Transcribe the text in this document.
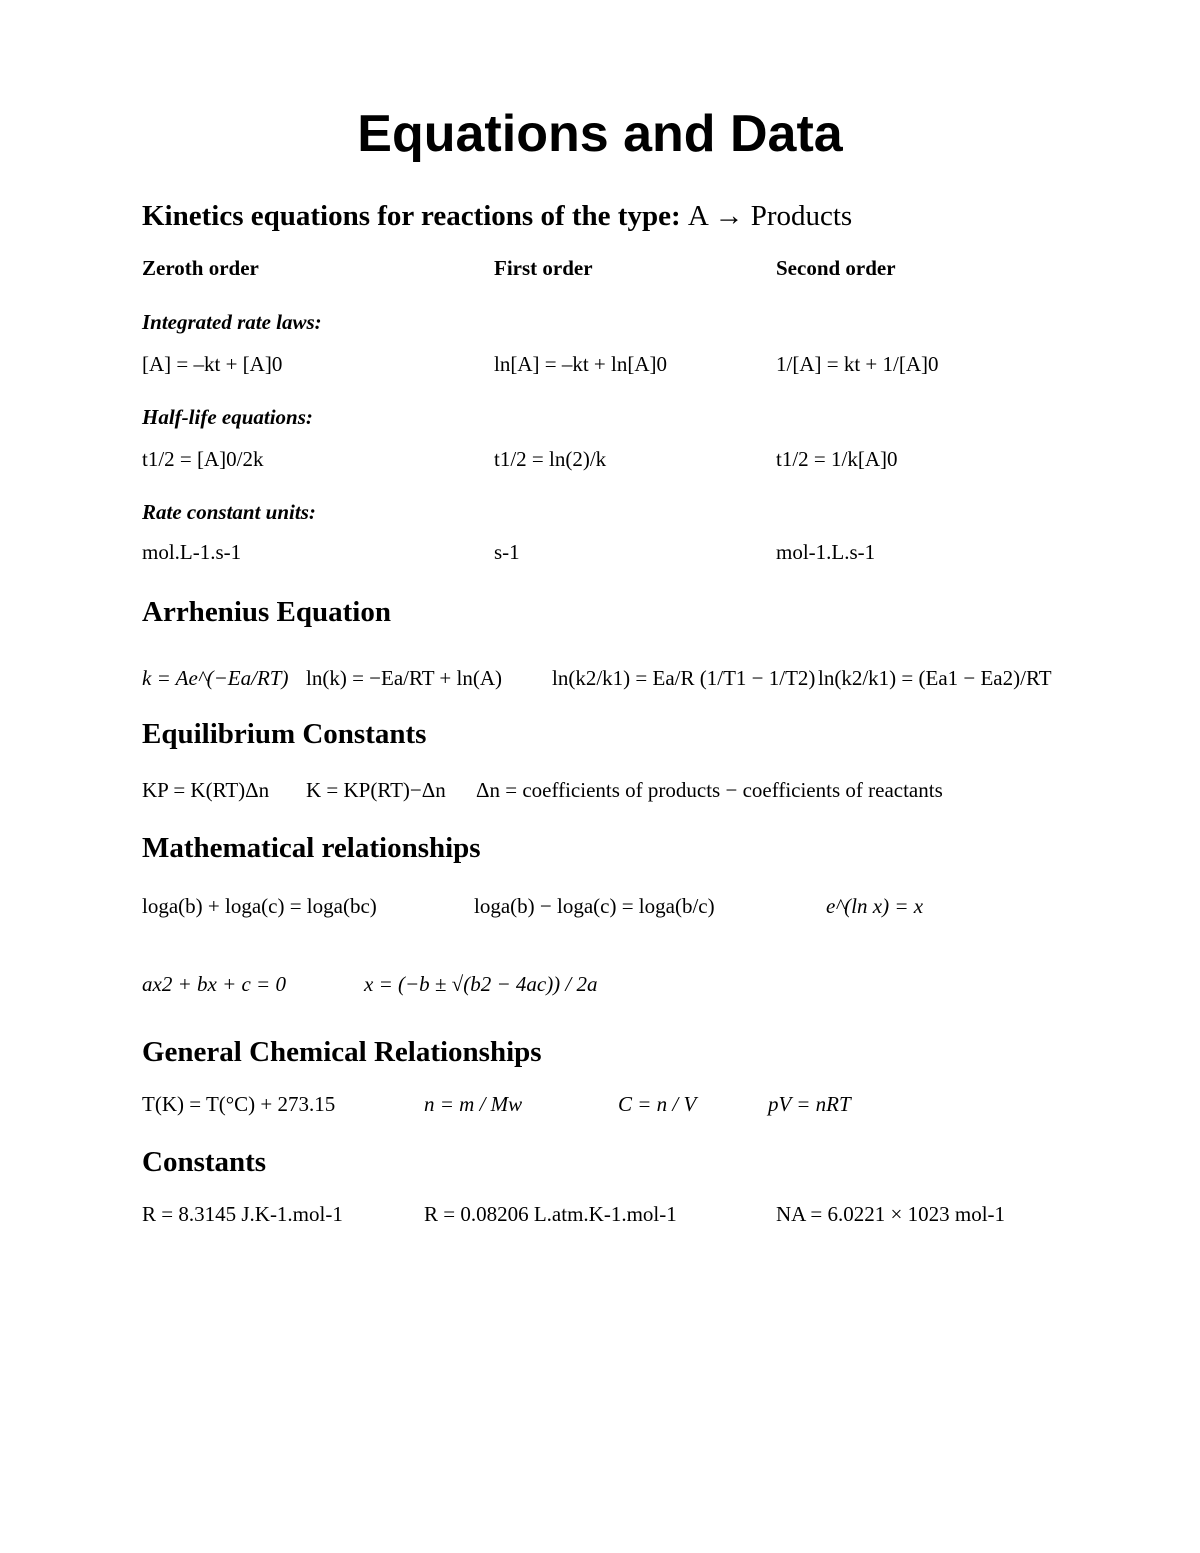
Equations and Data
Kinetics equations for reactions of the type: A → Products
Zeroth order	First order	Second order
Integrated rate laws:
[A] = –kt + [A]0	ln[A] = –kt + ln[A]0	1/[A] = kt + 1/[A]0
Half-life equations:
t1/2 = [A]0/2k	t1/2 = ln(2)/k	t1/2 = 1/k[A]0
Rate constant units:
mol.L-1.s-1	s-1	mol-1.L.s-1
Arrhenius Equation
k = Ae^(−Ea/RT) ln(k) = −Ea/RT + ln(A) ln(k2/k1) = Ea/R (1/T1 − 1/T2) ln(k2/k1) = (Ea1 − Ea2)/RT
Equilibrium Constants
KP = K(RT)Δn K = KP(RT)−Δn Δn = coefficients of products − coefficients of reactants
Mathematical relationships
loga(b) + loga(c) = loga(bc)	loga(b) − loga(c) = loga(b/c)	e^(ln x) = x
ax2 + bx + c = 0	x = (−b ± √(b2 − 4ac)) / 2a
General Chemical Relationships
T(K) = T(°C) + 273.15	n = m / Mw	C = n / V	pV = nRT
Constants
R = 8.3145 J.K-1.mol-1	R = 0.08206 L.atm.K-1.mol-1	NA = 6.0221 × 1023 mol-1
